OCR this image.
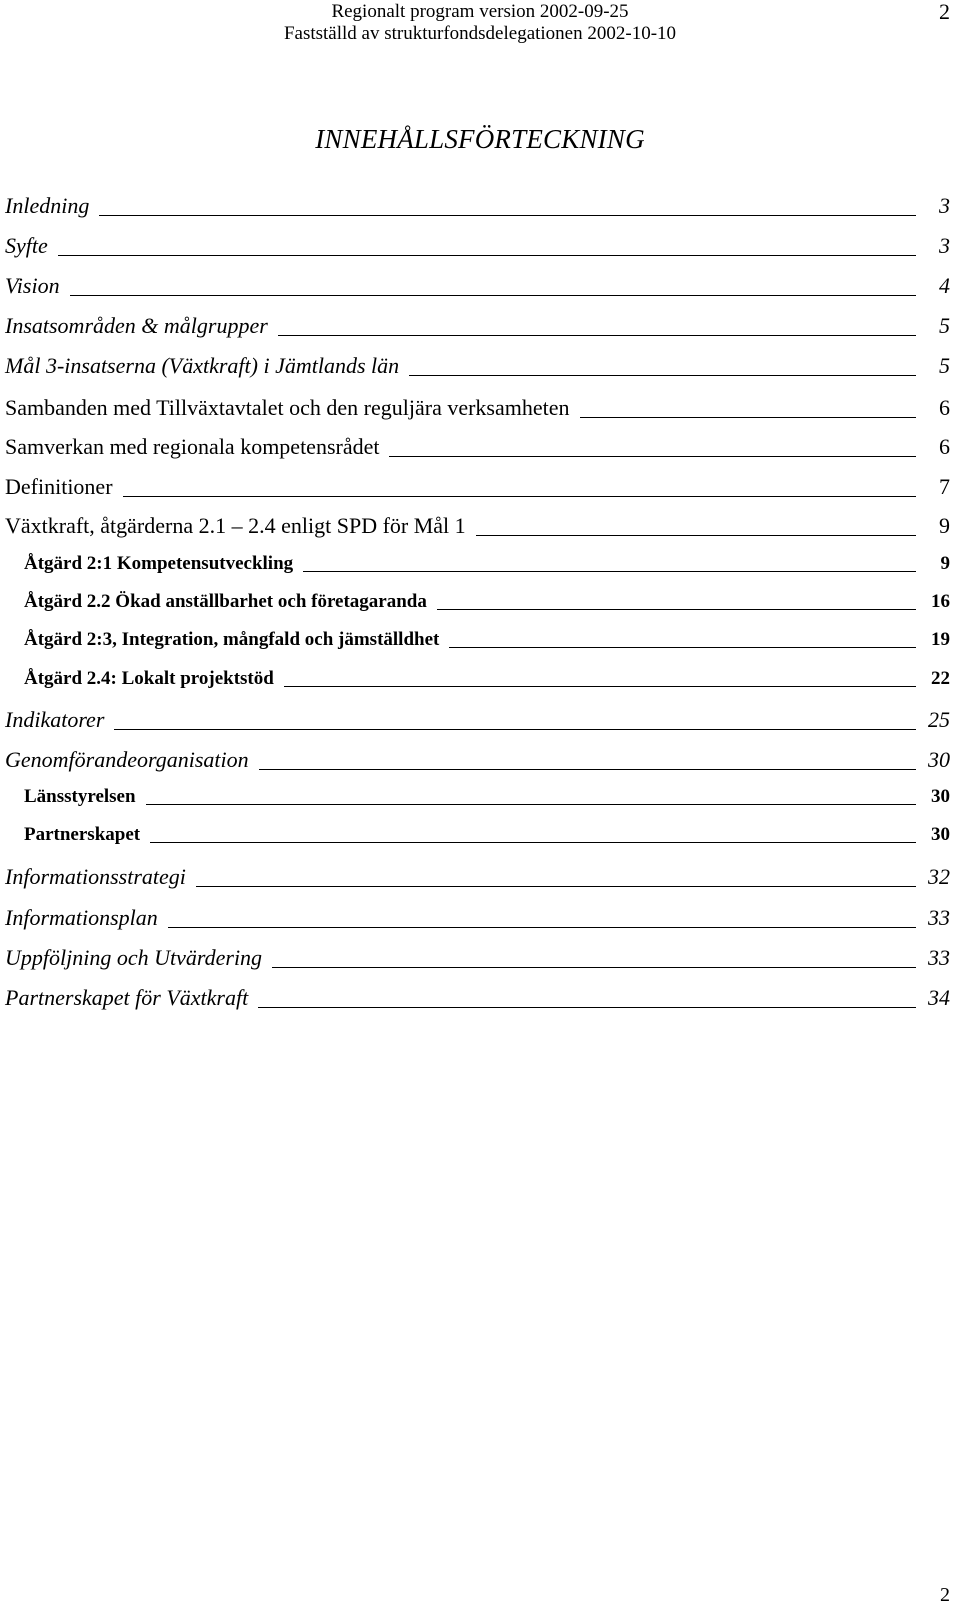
Regionalt program version 2002-09-25
Fastställd av strukturfondsdelegationen 2002-10-10
2
INNEHÅLLSFÖRTECKNING
Inledning	3
Syfte	3
Vision	4
Insatsområden & målgrupper	5
Mål 3-insatserna (Växtkraft) i Jämtlands län	5
Sambanden med Tillväxtavtalet och den reguljära verksamheten	6
Samverkan med regionala kompetensrådet	6
Definitioner	7
Växtkraft, åtgärderna 2.1 – 2.4 enligt SPD för Mål 1	9
Åtgärd 2:1 Kompetensutveckling	9
Åtgärd 2.2 Ökad anställbarhet och företagaranda	16
Åtgärd 2:3, Integration, mångfald och jämställdhet	19
Åtgärd 2.4: Lokalt projektstöd	22
Indikatorer	25
Genomförandeorganisation	30
Länsstyrelsen	30
Partnerskapet	30
Informationsstrategi	32
Informationsplan	33
Uppföljning och Utvärdering	33
Partnerskapet för Växtkraft	34
2
